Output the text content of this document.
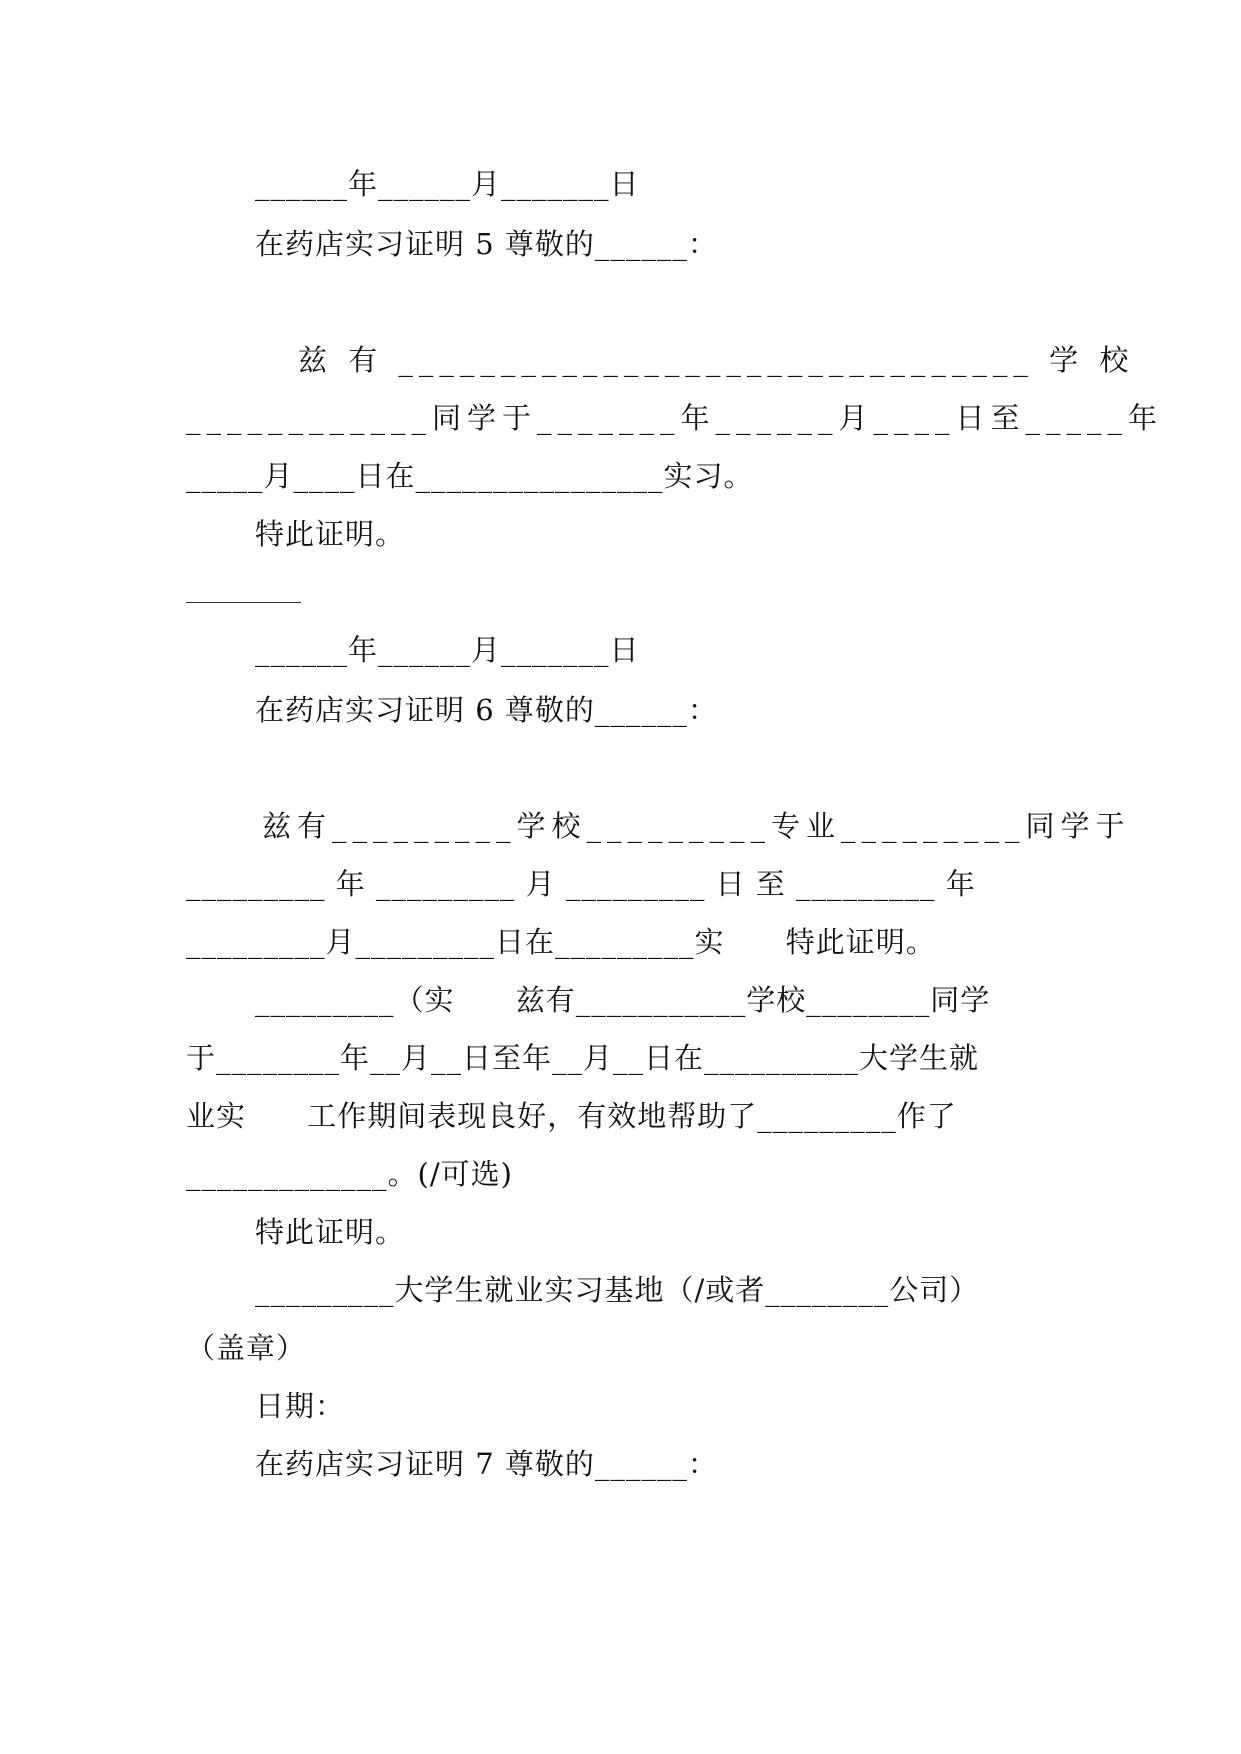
______年______月_______日
在药店实习证明 5 尊敬的______：
兹 有 _______________________________ 学 校
____________同学于_______年______月____日至_____年
_____月____日在________________实习。
特此证明。
______年______月_______日
在药店实习证明 6 尊敬的______：
兹有_________学校_________专业_________同学于
_________ 年 _________ 月 _________ 日 至 _________ 年
_________月_________日在_________实      特此证明。
_________（实      兹有___________学校________同学
于________年__月__日至年__月__日在__________大学生就
业实      工作期间表现良好，有效地帮助了_________作了
_____________。(/可选)
特此证明。
_________大学生就业实习基地（/或者________公司）
（盖章）
日期：
在药店实习证明 7 尊敬的______：
